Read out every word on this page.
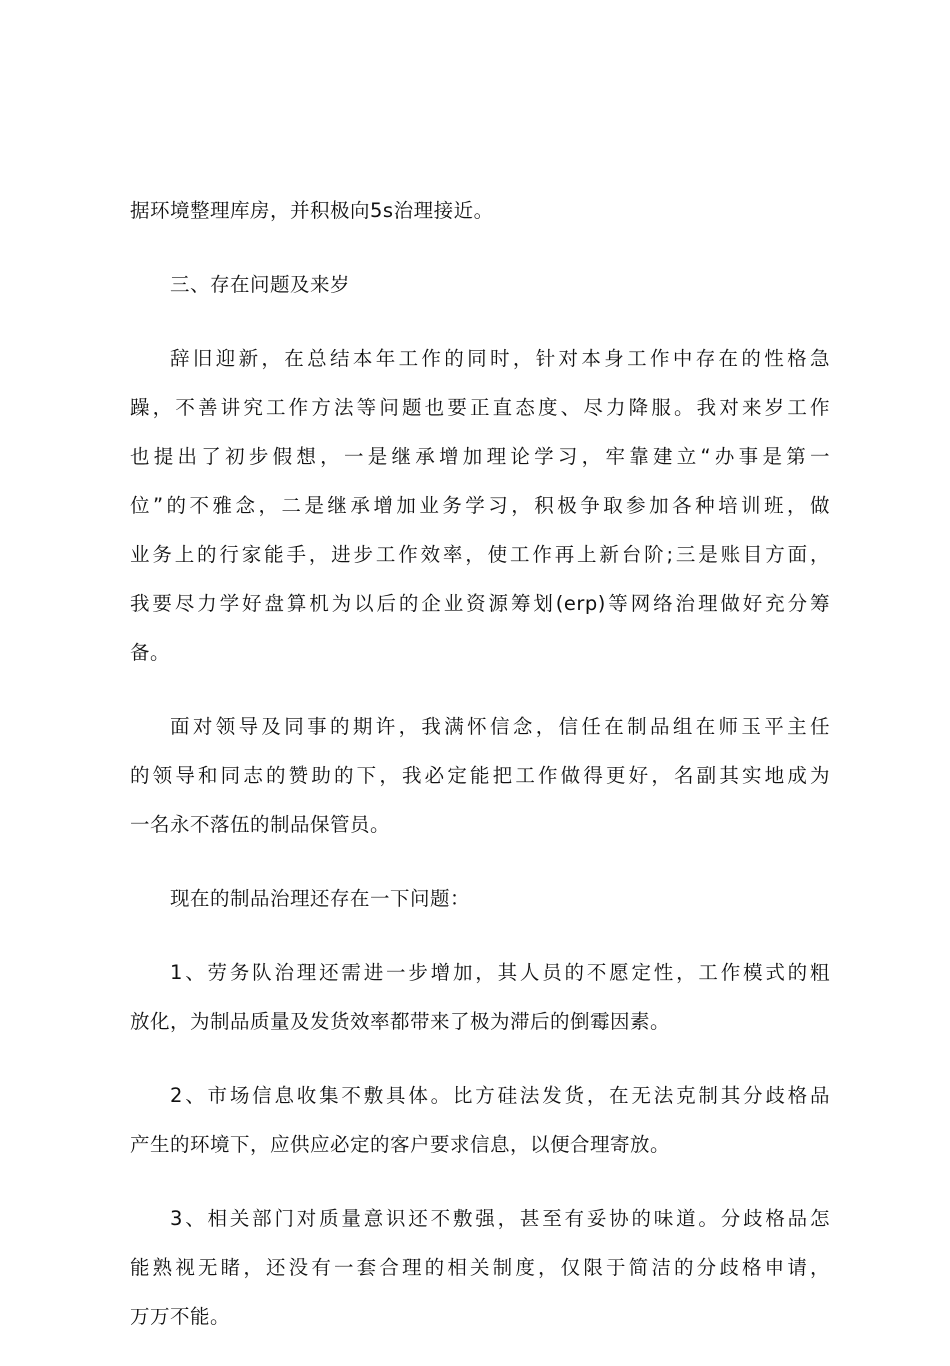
据环境整理库房，并积极向5s治理接近。
三、存在问题及来岁
辞旧迎新，在总结本年工作的同时，针对本身工作中存在的性格急
躁，不善讲究工作方法等问题也要正直态度、尽力降服。我对来岁工作
也提出了初步假想，一是继承增加理论学习，牢靠建立“办事是第一
位”的不雅念，二是继承增加业务学习，积极争取参加各种培训班，做
业务上的行家能手，进步工作效率，使工作再上新台阶;三是账目方面，
我要尽力学好盘算机为以后的企业资源筹划(erp)等网络治理做好充分筹
备。
面对领导及同事的期许，我满怀信念，信任在制品组在师玉平主任
的领导和同志的赞助的下，我必定能把工作做得更好，名副其实地成为
一名永不落伍的制品保管员。
现在的制品治理还存在一下问题：
1、劳务队治理还需进一步增加，其人员的不愿定性，工作模式的粗
放化，为制品质量及发货效率都带来了极为滞后的倒霉因素。
2、市场信息收集不敷具体。比方硅法发货，在无法克制其分歧格品
产生的环境下，应供应必定的客户要求信息，以便合理寄放。
3、相关部门对质量意识还不敷强，甚至有妥协的味道。分歧格品怎
能熟视无睹，还没有一套合理的相关制度，仅限于简洁的分歧格申请，
万万不能。
